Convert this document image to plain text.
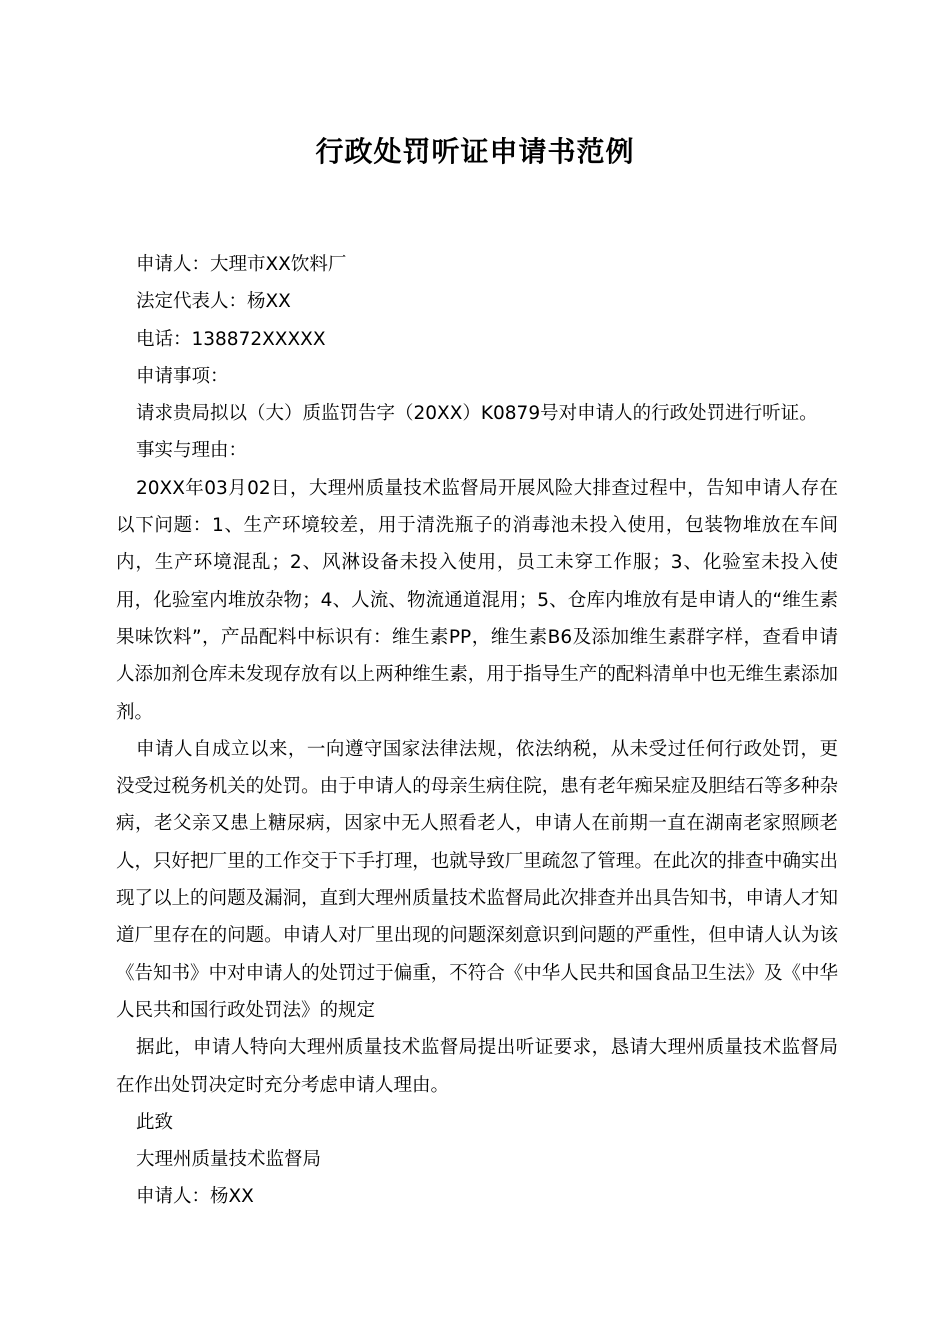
行政处罚听证申请书范例

申请人：大理市XX饮料厂

法定代表人：杨XX

电话：138872XXXXX

申请事项：

请求贵局拟以（大）质监罚告字（20XX）K0879号对申请人的行政处罚进行听证。

事实与理由：

20XX年03月02日，大理州质量技术监督局开展风险大排查过程中，告知申请人存在以下问题：1、生产环境较差，用于清洗瓶子的消毒池未投入使用，包装物堆放在车间内，生产环境混乱；2、风淋设备未投入使用，员工未穿工作服；3、化验室未投入使用，化验室内堆放杂物；4、人流、物流通道混用；5、仓库内堆放有是申请人的“维生素果味饮料”，产品配料中标识有：维生素PP，维生素B6及添加维生素群字样，查看申请人添加剂仓库未发现存放有以上两种维生素，用于指导生产的配料清单中也无维生素添加剂。

申请人自成立以来，一向遵守国家法律法规，依法纳税，从未受过任何行政处罚，更没受过税务机关的处罚。由于申请人的母亲生病住院，患有老年痴呆症及胆结石等多种杂病，老父亲又患上糖尿病，因家中无人照看老人，申请人在前期一直在湖南老家照顾老人，只好把厂里的工作交于下手打理，也就导致厂里疏忽了管理。在此次的排查中确实出现了以上的问题及漏洞，直到大理州质量技术监督局此次排查并出具告知书，申请人才知道厂里存在的问题。申请人对厂里出现的问题深刻意识到问题的严重性，但申请人认为该《告知书》中对申请人的处罚过于偏重，不符合《中华人民共和国食品卫生法》及《中华人民共和国行政处罚法》的规定

据此，申请人特向大理州质量技术监督局提出听证要求，恳请大理州质量技术监督局在作出处罚决定时充分考虑申请人理由。

此致

大理州质量技术监督局

申请人：杨XX
